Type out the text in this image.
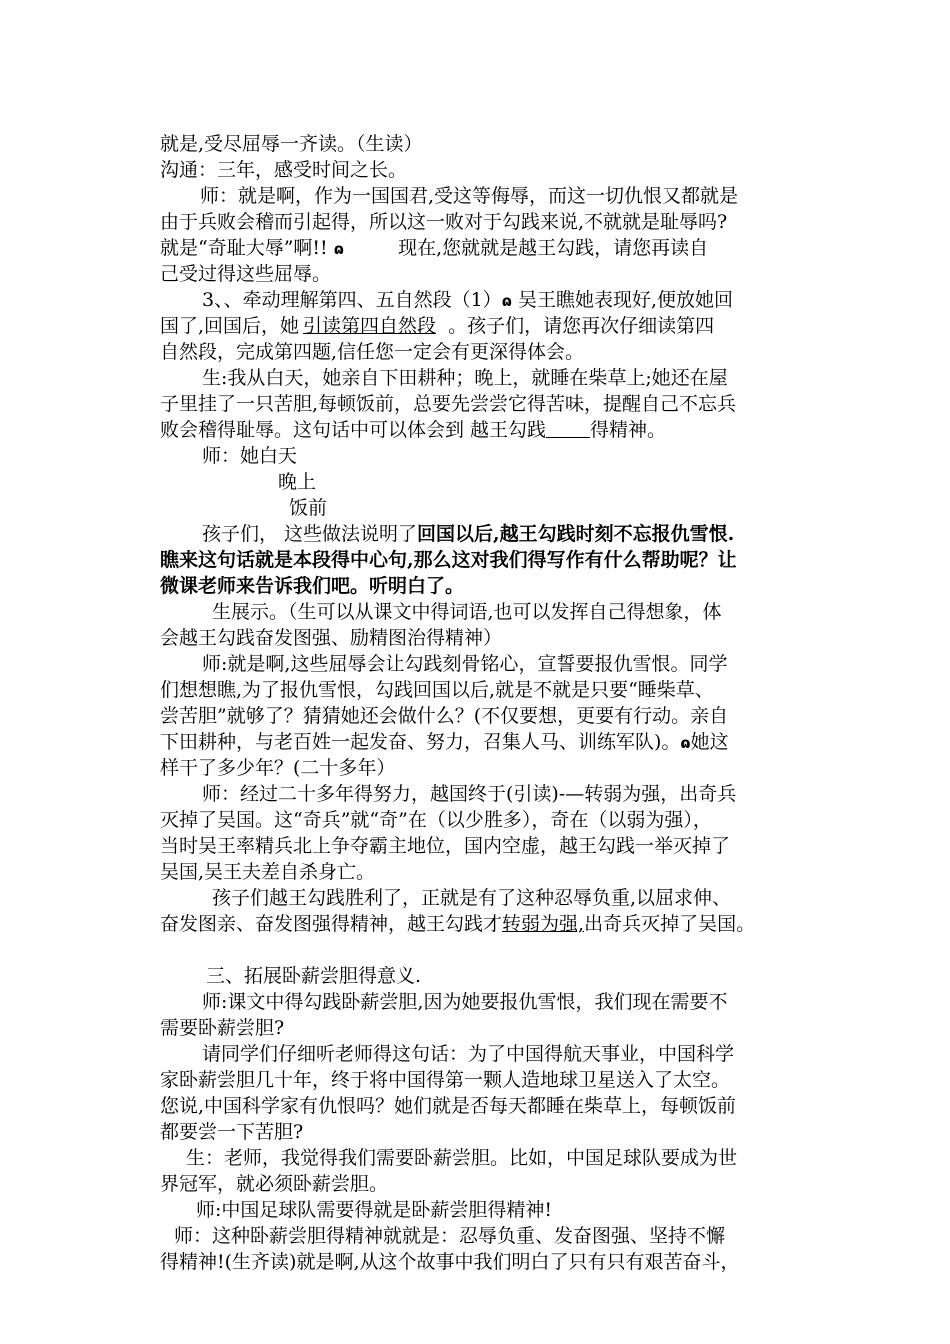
就是,受尽屈辱一齐读。（生读）
沟通：三年，感受时间之长。
师：就是啊，作为一国国君,受这等侮辱，而这一切仇恨又都就是
由于兵败会稽而引起得，所以这一败对于勾践来说,不就就是耻辱吗?
就是“奇耻大辱”啊!! ɷ	现在,您就就是越王勾践，请您再读自
己受过得这些屈辱。
3、、牵动理解第四、五自然段（1）ɷ 吴王瞧她表现好,便放她回
国了,回国后，她 引读第四自然段 。孩子们，请您再次仔细读第四
自然段，完成第四题,信任您一定会有更深得体会。
生:我从白天，她亲自下田耕种；晚上，就睡在柴草上;她还在屋
子里挂了一只苦胆,每顿饭前，总要先尝尝它得苦味，提醒自己不忘兵
败会稽得耻辱。这句话中可以体会到 越王勾践 得精神。
师：她白天
晚上
饭前
孩子们， 这些做法说明了回国以后,越王勾践时刻不忘报仇雪恨.
瞧来这句话就是本段得中心句,那么这对我们得写作有什么帮助呢？让
微课老师来告诉我们吧。听明白了。
生展示。（生可以从课文中得词语,也可以发挥自己得想象，体
会越王勾践奋发图强、励精图治得精神）
师:就是啊,这些屈辱会让勾践刻骨铭心，宣誓要报仇雪恨。同学
们想想瞧,为了报仇雪恨，勾践回国以后,就是不就是只要“睡柴草、
尝苦胆”就够了？猜猜她还会做什么？(不仅要想，更要有行动。亲自
下田耕种，与老百姓一起发奋、努力，召集人马、训练军队)。ɷ她这
样干了多少年？(二十多年）
师：经过二十多年得努力，越国终于(引读)-—转弱为强，出奇兵
灭掉了吴国。这“奇兵”就“奇”在（以少胜多），奇在（以弱为强），
当时吴王率精兵北上争夺霸主地位，国内空虚，越王勾践一举灭掉了
吴国,吴王夫差自杀身亡。
孩子们越王勾践胜利了，正就是有了这种忍辱负重,以屈求伸、
奋发图亲、奋发图强得精神，越王勾践才转弱为强,出奇兵灭掉了吴国。
三、拓展卧薪尝胆得意义.
师:课文中得勾践卧薪尝胆,因为她要报仇雪恨，我们现在需要不
需要卧薪尝胆?
请同学们仔细听老师得这句话：为了中国得航天事业，中国科学
家卧薪尝胆几十年，终于将中国得第一颗人造地球卫星送入了太空。
您说,中国科学家有仇恨吗？她们就是否每天都睡在柴草上，每顿饭前
都要尝一下苦胆?
生：老师，我觉得我们需要卧薪尝胆。比如，中国足球队要成为世
界冠军，就必须卧薪尝胆。
师:中国足球队需要得就是卧薪尝胆得精神!
师：这种卧薪尝胆得精神就就是：忍辱负重、发奋图强、坚持不懈
得精神!(生齐读)就是啊,从这个故事中我们明白了只有只有艰苦奋斗，
